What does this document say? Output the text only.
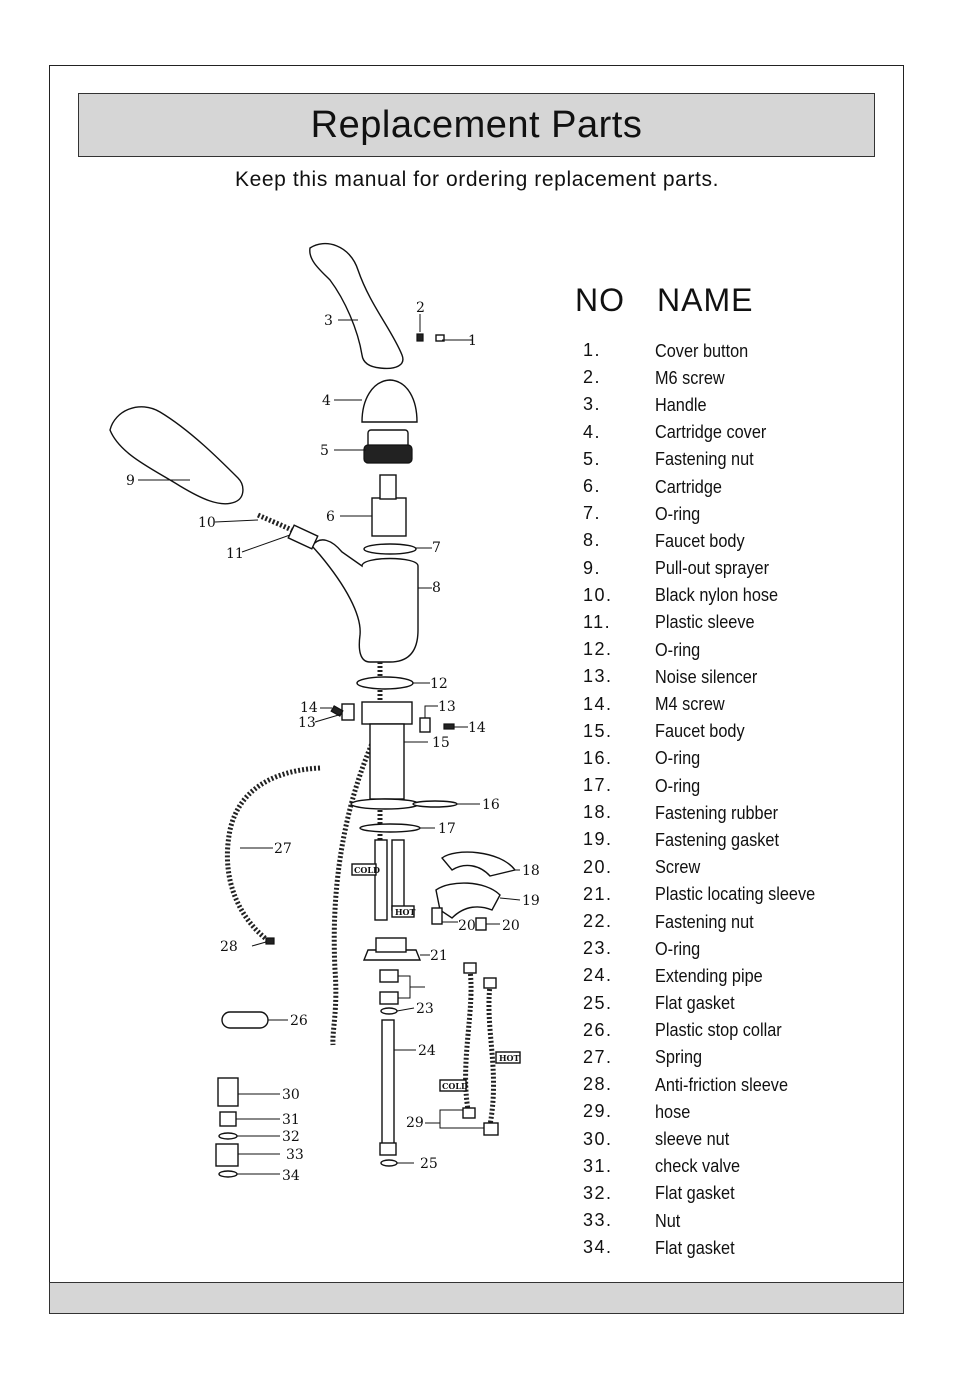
Replacement Parts
Keep this manual for ordering replacement parts.
COLD
HOT
COLD
HOT
1
2
3
4
5
6
7
8
9
10
11
12
13
13
14
14
15
16
17
18
19
20 20
21
23
24
25
26
27
28
29
30
31
32
33
34
NO NAME
1.	Cover button
2.	M6 screw
3.	Handle
4.	Cartridge cover
5.	Fastening nut
6.	Cartridge
7.	O-ring
8.	Faucet body
9.	Pull-out sprayer
10.	Black nylon hose
11.	Plastic sleeve
12.	O-ring
13.	Noise silencer
14.	M4 screw
15.	Faucet body
16.	O-ring
17.	O-ring
18.	Fastening rubber
19.	Fastening gasket
20.	Screw
21.	Plastic locating sleeve
22.	Fastening nut
23.	O-ring
24.	Extending pipe
25.	Flat gasket
26.	Plastic stop collar
27.	Spring
28.	Anti-friction sleeve
29.	hose
30.	sleeve nut
31.	check valve
32.	Flat gasket
33.	Nut
34.	Flat gasket
